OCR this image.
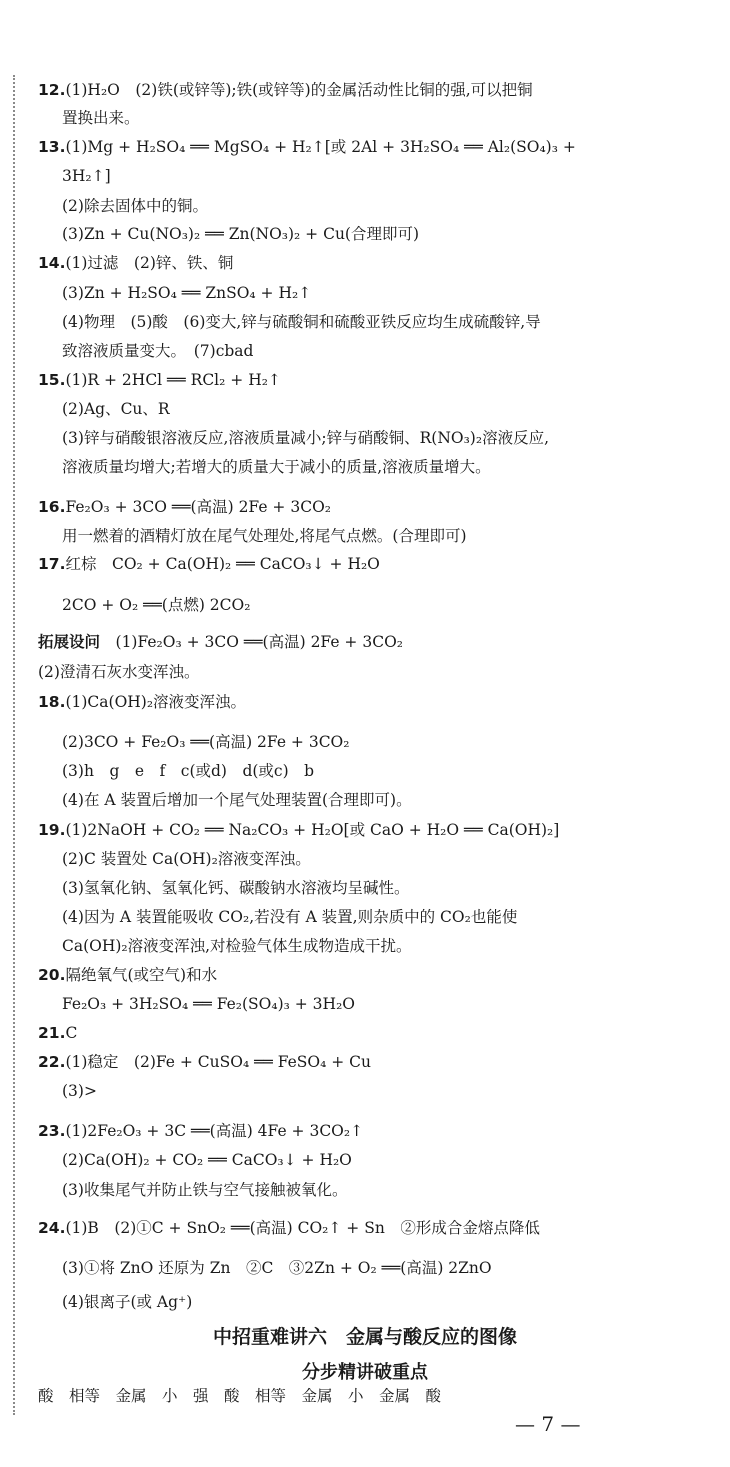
12.(1)H₂O　(2)铁(或锌等);铁(或锌等)的金属活动性比铜的强,可以把铜
置换出来。
13.(1)Mg + H₂SO₄ ══ MgSO₄ + H₂↑[或 2Al + 3H₂SO₄ ══ Al₂(SO₄)₃ +
3H₂↑]
(2)除去固体中的铜。
(3)Zn + Cu(NO₃)₂ ══ Zn(NO₃)₂ + Cu(合理即可)
14.(1)过滤　(2)锌、铁、铜
(3)Zn + H₂SO₄ ══ ZnSO₄ + H₂↑
(4)物理　(5)酸　(6)变大,锌与硫酸铜和硫酸亚铁反应均生成硫酸锌,导
致溶液质量变大。　(7)cbad
15.(1)R + 2HCl ══ RCl₂ + H₂↑
(2)Ag、Cu、R
(3)锌与硝酸银溶液反应,溶液质量减小;锌与硝酸铜、R(NO₃)₂溶液反应,
溶液质量均增大;若增大的质量大于减小的质量,溶液质量增大。
16.Fe₂O₃ + 3CO ══(高温) 2Fe + 3CO₂
用一燃着的酒精灯放在尾气处理处,将尾气点燃。(合理即可)
17.红棕　CO₂ + Ca(OH)₂ ══ CaCO₃↓ + H₂O
2CO + O₂ ══(点燃) 2CO₂
拓展设问　(1)Fe₂O₃ + 3CO ══(高温) 2Fe + 3CO₂
(2)澄清石灰水变浑浊。
18.(1)Ca(OH)₂溶液变浑浊。
(2)3CO + Fe₂O₃ ══(高温) 2Fe + 3CO₂
(3)h　g　e　f　c(或d)　d(或c)　b
(4)在 A 装置后增加一个尾气处理装置(合理即可)。
19.(1)2NaOH + CO₂ ══ Na₂CO₃ + H₂O[或 CaO + H₂O ══ Ca(OH)₂]
(2)C 装置处 Ca(OH)₂溶液变浑浊。
(3)氢氧化钠、氢氧化钙、碳酸钠水溶液均呈碱性。
(4)因为 A 装置能吸收 CO₂,若没有 A 装置,则杂质中的 CO₂也能使
Ca(OH)₂溶液变浑浊,对检验气体生成物造成干扰。
20.隔绝氧气(或空气)和水
Fe₂O₃ + 3H₂SO₄ ══ Fe₂(SO₄)₃ + 3H₂O
21.C
22.(1)稳定　(2)Fe + CuSO₄ ══ FeSO₄ + Cu
(3)>
23.(1)2Fe₂O₃ + 3C ══(高温) 4Fe + 3CO₂↑
(2)Ca(OH)₂ + CO₂ ══ CaCO₃↓ + H₂O
(3)收集尾气并防止铁与空气接触被氧化。
24.(1)B　(2)①C + SnO₂ ══(高温) CO₂↑ + Sn　②形成合金熔点降低
(3)①将 ZnO 还原为 Zn　②C　③2Zn + O₂ ══(高温) 2ZnO
(4)银离子(或 Ag⁺)
中招重难讲六　金属与酸反应的图像
分步精讲破重点
酸　相等　金属　小　强　酸　相等　金属　小　金属　酸
— 7 —
